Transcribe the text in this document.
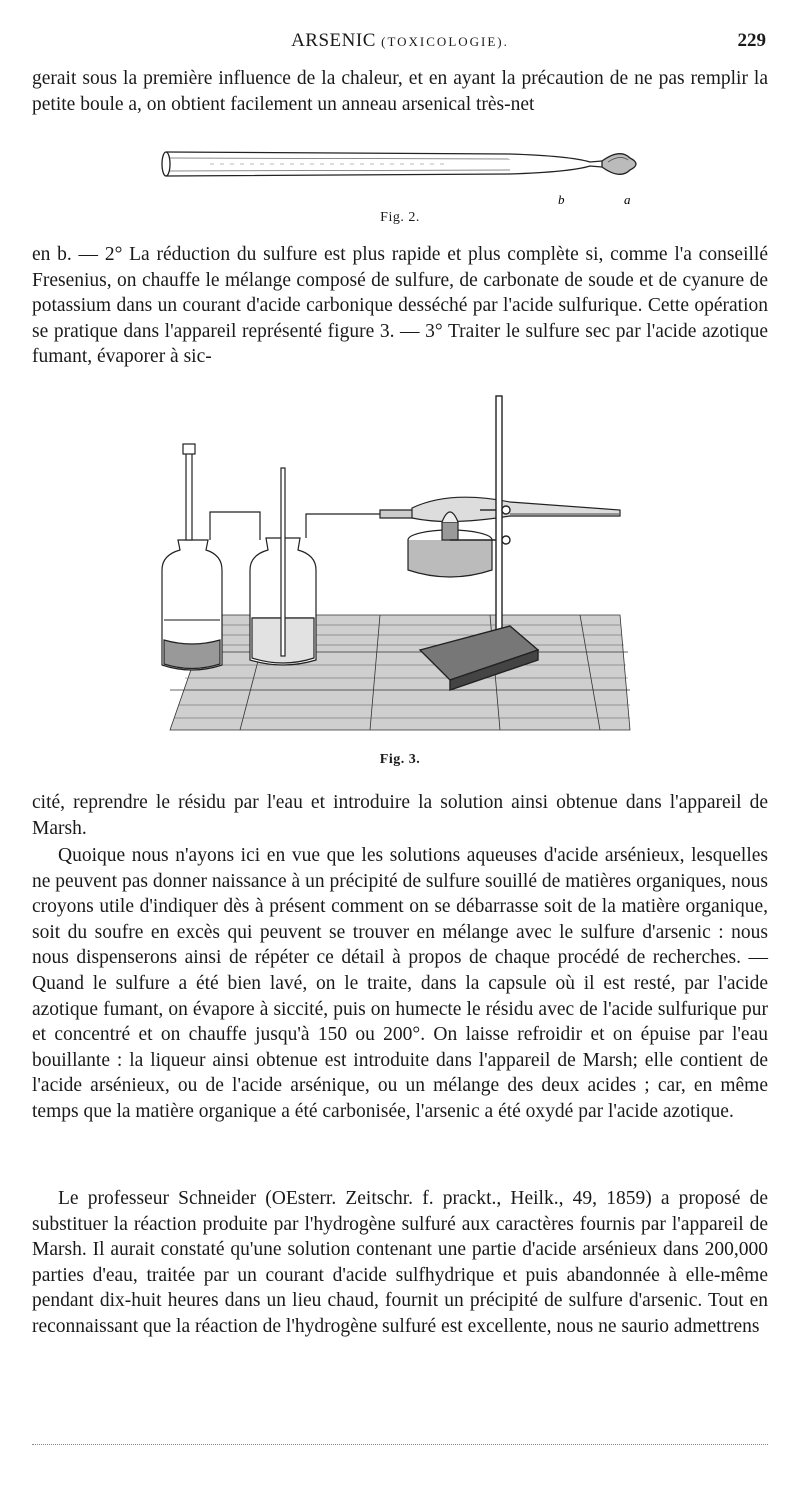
ARSENIC (TOXICOLOGIE).	229

gerait sous la première influence de la chaleur, et en ayant la précaution de ne pas remplir la petite boule a, on obtient facilement un anneau arsenical très-net

b	a
Fig. 2.

en b. — 2° La réduction du sulfure est plus rapide et plus complète si, comme l'a conseillé Fresenius, on chauffe le mélange composé de sulfure, de carbonate de soude et de cyanure de potassium dans un courant d'acide carbonique desséché par l'acide sulfurique. Cette opération se pratique dans l'appareil représenté figure 3. — 3° Traiter le sulfure sec par l'acide azotique fumant, évaporer à sic-

Fig. 3.

cité, reprendre le résidu par l'eau et introduire la solution ainsi obtenue dans l'appareil de Marsh.

Quoique nous n'ayons ici en vue que les solutions aqueuses d'acide arsénieux, lesquelles ne peuvent pas donner naissance à un précipité de sulfure souillé de matières organiques, nous croyons utile d'indiquer dès à présent comment on se débarrasse soit de la matière organique, soit du soufre en excès qui peuvent se trouver en mélange avec le sulfure d'arsenic : nous nous dispenserons ainsi de répéter ce détail à propos de chaque procédé de recherches. — Quand le sulfure a été bien lavé, on le traite, dans la capsule où il est resté, par l'acide azotique fumant, on évapore à siccité, puis on humecte le résidu avec de l'acide sulfurique pur et concentré et on chauffe jusqu'à 150 ou 200°. On laisse refroidir et on épuise par l'eau bouillante : la liqueur ainsi obtenue est introduite dans l'appareil de Marsh; elle contient de l'acide arsénieux, ou de l'acide arsénique, ou un mélange des deux acides ; car, en même temps que la matière organique a été carbonisée, l'arsenic a été oxydé par l'acide azotique.

Le professeur Schneider (OEsterr. Zeitschr. f. prackt., Heilk., 49, 1859) a proposé de substituer la réaction produite par l'hydrogène sulfuré aux caractères fournis par l'appareil de Marsh. Il aurait constaté qu'une solution contenant une partie d'acide arsénieux dans 200,000 parties d'eau, traitée par un courant d'acide sulfhydrique et puis abandonnée à elle-même pendant dix-huit heures dans un lieu chaud, fournit un précipité de sulfure d'arsenic. Tout en reconnaissant que la réaction de l'hydrogène sulfuré est excellente, nous ne saurio admettrens
